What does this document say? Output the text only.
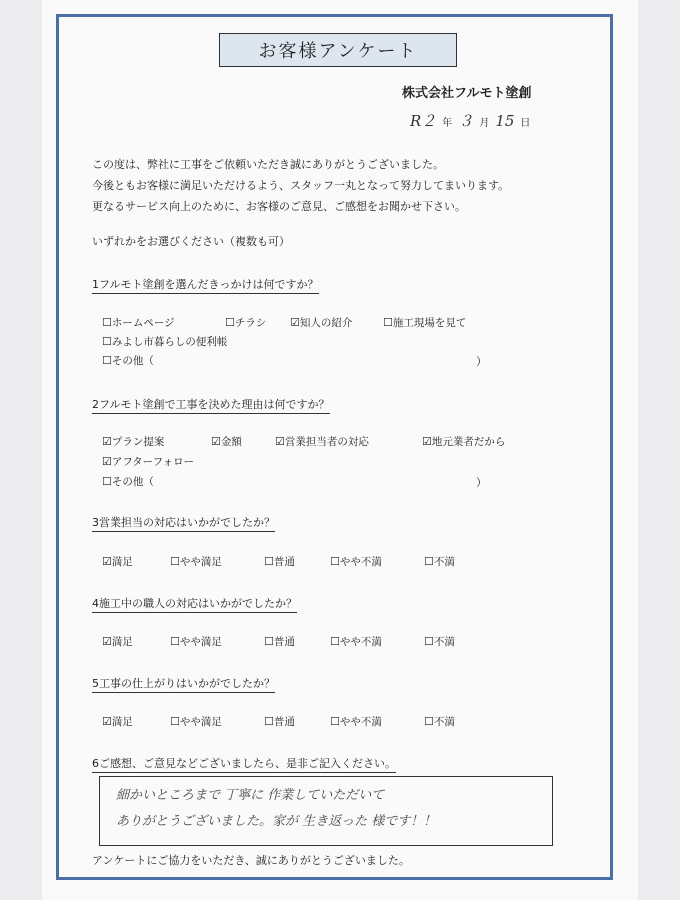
お客様アンケート
株式会社フルモト塗創
R２ 年 ３ 月 15 日
この度は、弊社に工事をご依頼いただき誠にありがとうございました。
今後ともお客様に満足いただけるよう、スタッフ一丸となって努力してまいります。
更なるサービス向上のために、お客様のご意見、ご感想をお聞かせ下さい。
いずれかをお選びください（複数も可）
1フルモト塗創を選んだきっかけは何ですか？
☐ホームページ	☐チラシ ☑知人の紹介	☐施工現場を見て
☐みよし市暮らしの便利帳
☐その他（	）
2フルモト塗創で工事を決めた理由は何ですか？
☑プラン提案	☑金額	☑営業担当者の対応	☑地元業者だから
☑アフターフォロー
☐その他（	）
3営業担当の対応はいかがでしたか？
☑満足	☐やや満足	☐普通	☐やや不満	☐不満
4施工中の職人の対応はいかがでしたか？
☑満足	☐やや満足	☐普通	☐やや不満	☐不満
5工事の仕上がりはいかがでしたか？
☑満足	☐やや満足	☐普通	☐やや不満	☐不満
6ご感想、ご意見などございましたら、是非ご記入ください。
細かいところまで 丁寧に 作業していただいて
ありがとうございました。家が 生き返った 様です！！
アンケートにご協力をいただき、誠にありがとうございました。
